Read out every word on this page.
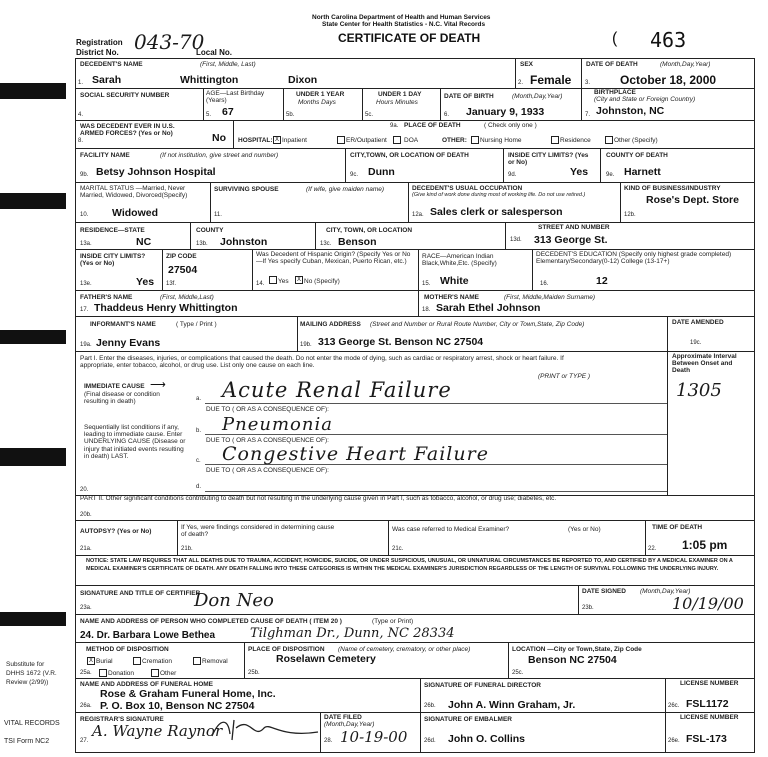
North Carolina Department of Health and Human Services
State Center for Health Statistics - N.C. Vital Records
CERTIFICATE OF DEATH
Registration
District No. 043-70
Local No.
( 463
DECEDENT'S NAME	(First, Middle, Last)
1. Sarah	Whittington	Dixon
SEX
2. Female
DATE OF DEATH	(Month,Day,Year)
3. October 18, 2000
SOCIAL SECURITY NUMBER
4.
AGE—Last Birthday (Years)
5. 67
UNDER 1 YEAR
Months Days
5b.
UNDER 1 DAY
Hours Minutes
5c.
DATE OF BIRTH	(Month,Day,Year)
6. January 9, 1933
BIRTHPLACE
(City and State or Foreign Country)
7. Johnston, NC
WAS DECEDENT EVER IN U.S. ARMED FORCES? (Yes or No)
8.	No
9a. PLACE OF DEATH	( Check only one )
HOSPITAL: X Inpatient	ER/Outpatient	DOA	OTHER: Nursing Home	Residence	Other (Specify)
FACILITY NAME	(If not institution, give street and number)
9b. Betsy Johnson Hospital
CITY,TOWN, OR LOCATION OF DEATH
9c. Dunn
INSIDE CITY LIMITS? (Yes or No)
9d.	Yes
COUNTY OF DEATH
9e. Harnett
MARITAL STATUS —Married, Never Married, Widowed, Divorced(Specify)
10. Widowed
SURVIVING SPOUSE	(If wife, give maiden name)
11.
DECEDENT'S USUAL OCCUPATION
(Give kind of work done during most of working life. Do not use retired.)
12a. Sales clerk or salesperson
KIND OF BUSINESS/INDUSTRY
12b.
Rose's Dept. Store
RESIDENCE—STATE
13a.	NC
COUNTY
13b. Johnston
CITY, TOWN, OR LOCATION
13c. Benson
STREET AND NUMBER
13d. 313 George St.
INSIDE CITY LIMITS? (Yes or No)
13e.	Yes
ZIP CODE
27504
13f.
Was Decedent of Hispanic Origin? (Specify Yes or No—If Yes specify Cuban, Mexican, Puerto Rican, etc.)
14. Yes	X No (Specify)
RACE—American Indian Black,White,Etc. (Specify)
15. White
DECEDENT'S EDUCATION (Specify only highest grade completed) Elementary/Secondary(0-12) College (13-17+)
16.	12
FATHER'S NAME	(First, Middle,Last)
17. Thaddeus Henry Whittington
MOTHER'S NAME	(First, Middle,Maiden Surname)
18. Sarah Ethel Johnson
INFORMANT'S NAME	( Type / Print )
19a. Jenny Evans
MAILING ADDRESS (Street and Number or Rural Route Number, City or Town,State, Zip Code)
19b. 313 George St. Benson NC 27504
DATE AMENDED
19c.
Part I. Enter the diseases, injuries, or complications that caused the death. Do not enter the mode of dying, such as cardiac or respiratory arrest, shock or heart failure. If appropriate, enter tobacco, alcohol, or drug use. List only one cause on each line.
(PRINT or TYPE )
Approximate Interval Between Onset and Death
IMMEDIATE CAUSE ⟶
(Final disease or condition resulting in death)	a. Acute Renal Failure	1305
DUE TO ( OR AS A CONSEQUENCE OF):
Sequentially list conditions if any, leading to immediate cause. Enter UNDERLYING CAUSE (Disease or injury that initiated events resulting in death) LAST.
b. Pneumonia
DUE TO ( OR AS A CONSEQUENCE OF):
c. Congestive Heart Failure
DUE TO ( OR AS A CONSEQUENCE OF):
d.
20.
PART II. Other significant conditions contributing to death but not resulting in the underlying cause given in Part I, such as tobacco, alcohol, or drug use; diabetes, etc.
20b.
AUTOPSY? (Yes or No)
21a.
If Yes, were findings considered in determining cause of death?
21b.
Was case referred to Medical Examiner?	(Yes or No)
21c.
TIME OF DEATH
22. 1:05 pm
NOTICE: STATE LAW REQUIRES THAT ALL DEATHS DUE TO TRAUMA, ACCIDENT, HOMICIDE, SUICIDE, OR UNDER SUSPICIOUS, UNUSUAL, OR UNNATURAL CIRCUMSTANCES BE REPORTED TO, AND CERTIFIED BY A MEDICAL EXAMINER ON A MEDICAL EXAMINER'S CERTIFICATE OF DEATH. ANY DEATH FALLING INTO THESE CATEGORIES IS WITHIN THE MEDICAL EXAMINER'S JURISDICTION REGARDLESS OF THE LENGTH OF SURVIVAL FOLLOWING THE UNDERLYING INJURY.
SIGNATURE AND TITLE OF CERTIFIER
23a.	Don Neo	DATE SIGNED (Month,Day,Year)
23b.	10/19/00
NAME AND ADDRESS OF PERSON WHO COMPLETED CAUSE OF DEATH ( ITEM 20 )	(Type or Print)
24. Dr. Barbara Lowe Bethea	Tilghman Dr., Dunn, NC 28334
METHOD OF DISPOSITION
X Burial	Cremation	Removal
25a.	Donation	Other
PLACE OF DISPOSITION	(Name of cemetery, crematory, or other place)
Roselawn Cemetery
25b.
LOCATION —City or Town,State, Zip Code
Benson NC 27504
25c.
NAME AND ADDRESS OF FUNERAL HOME
Rose & Graham Funeral Home, Inc.
26a. P. O. Box 10, Benson NC 27504
SIGNATURE OF FUNERAL DIRECTOR
26b. John A. Winn Graham, Jr.
LICENSE NUMBER
26c. FSL1172
REGISTRAR'S SIGNATURE
27.
A. Wayne Raynor
DATE FILED
(Month,Day,Year)
28. 10-19-00
SIGNATURE OF EMBALMER
26d. John O. Collins
LICENSE NUMBER
26e. FSL-173
Substitute for DHHS 1672 (V.R. Review (2/99))
VITAL RECORDS
TSI Form NC2
